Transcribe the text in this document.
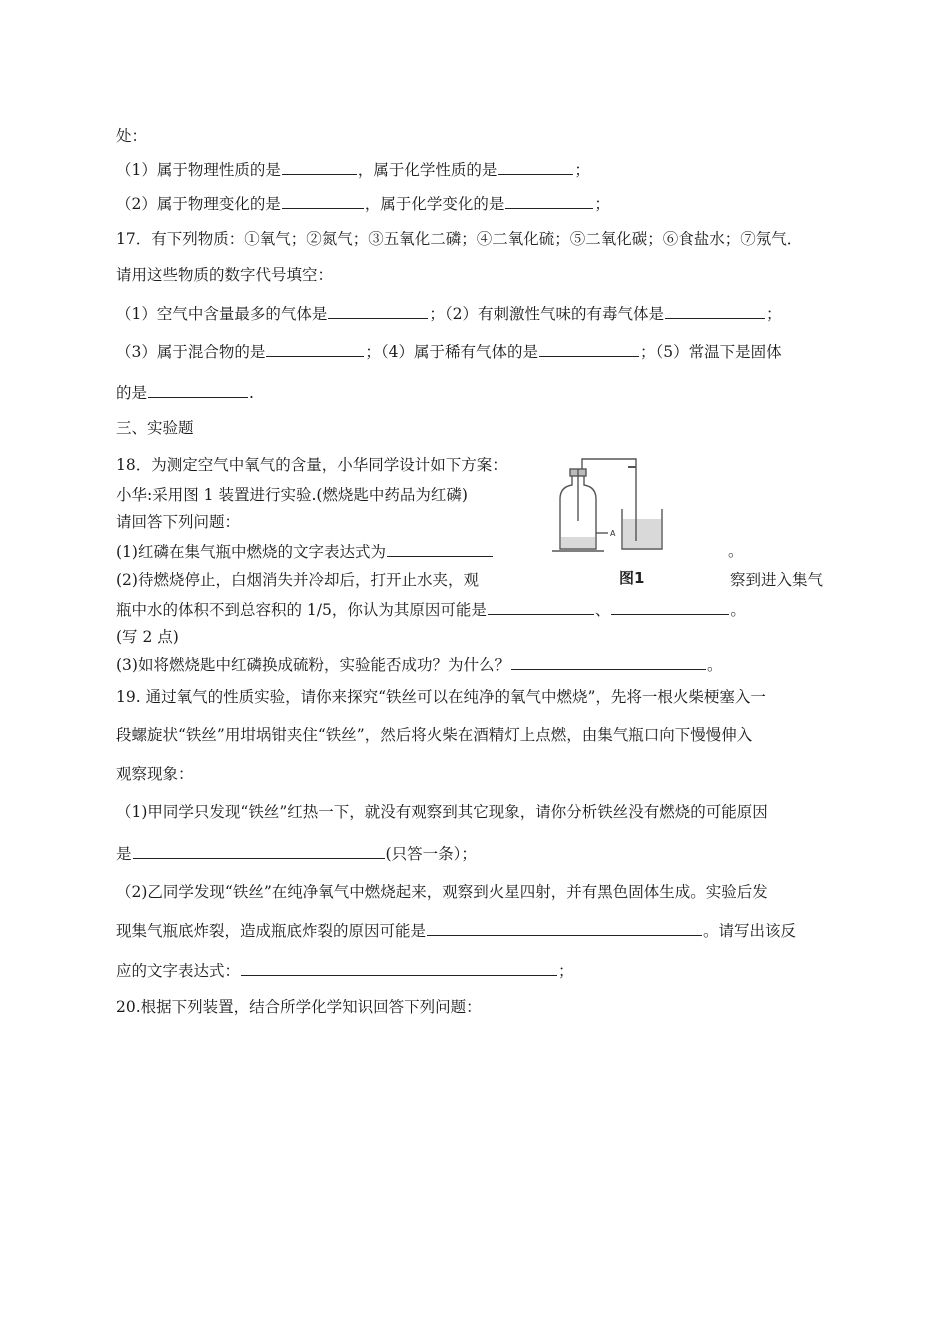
处：
（1）属于物理性质的是	，属于化学性质的是	；
（2）属于物理变化的是	，属于化学变化的是	；
17．有下列物质：①氧气；②氮气；③五氧化二磷；④二氧化硫；⑤二氧化碳；⑥食盐水；⑦氖气．
请用这些物质的数字代号填空：
（1）空气中含量最多的气体是	；（2）有刺激性气味的有毒气体是	；
（3）属于混合物的是	；（4）属于稀有气体的是	；（5）常温下是固体
的是	.
三、实验题
18．为测定空气中氧气的含量，小华同学设计如下方案：
小华:采用图 1 装置进行实验.(燃烧匙中药品为红磷)
请回答下列问题：
(1)红磷在集气瓶中燃烧的文字表达式为	。
(2)待燃烧停止，白烟消失并冷却后，打开止水夹，观	察到进入集气
瓶中水的体积不到总容积的 1/5，你认为其原因可能是	、	。
(写 2 点)
(3)如将燃烧匙中红磷换成硫粉，实验能否成功？为什么？	。
19. 通过氧气的性质实验，请你来探究“铁丝可以在纯净的氧气中燃烧”，先将一根火柴梗塞入一
段螺旋状“铁丝”用坩埚钳夹住“铁丝”，然后将火柴在酒精灯上点燃，由集气瓶口向下慢慢伸入
观察现象：
（1)甲同学只发现“铁丝”红热一下，就没有观察到其它现象，请你分析铁丝没有燃烧的可能原因
是	(只答一条）；
（2)乙同学发现“铁丝”在纯净氧气中燃烧起来，观察到火星四射，并有黑色固体生成。实验后发
现集气瓶底炸裂，造成瓶底炸裂的原因可能是	。请写出该反
应的文字表达式：	；
20.根据下列装置，结合所学化学知识回答下列问题：
A
图1
